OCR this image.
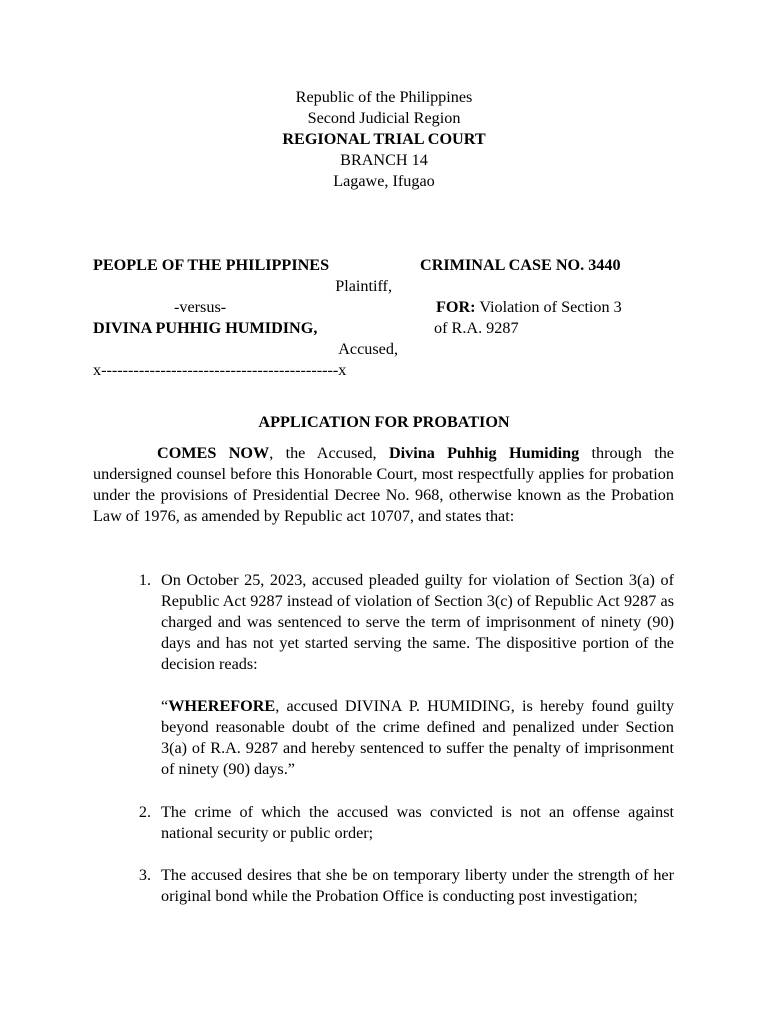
Republic of the Philippines
Second Judicial Region
REGIONAL TRIAL COURT
BRANCH 14
Lagawe, Ifugao
PEOPLE OF THE PHILIPPINES
Plaintiff,
-versus-
DIVINA PUHHIG HUMIDING,
Accused,
x--------------------------------------------x
CRIMINAL CASE NO. 3440
FOR: Violation of Section 3
of R.A. 9287
APPLICATION FOR PROBATION
COMES NOW, the Accused, Divina Puhhig Humiding through the undersigned counsel before this Honorable Court, most respectfully applies for probation under the provisions of Presidential Decree No. 968, otherwise known as the Probation Law of 1976, as amended by Republic act 10707, and states that:
1. On October 25, 2023, accused pleaded guilty for violation of Section 3(a) of Republic Act 9287 instead of violation of Section 3(c) of Republic Act 9287 as charged and was sentenced to serve the term of imprisonment of ninety (90) days and has not yet started serving the same. The dispositive portion of the decision reads:
“WHEREFORE, accused DIVINA P. HUMIDING, is hereby found guilty beyond reasonable doubt of the crime defined and penalized under Section 3(a) of R.A. 9287 and hereby sentenced to suffer the penalty of imprisonment of ninety (90) days.”
2. The crime of which the accused was convicted is not an offense against national security or public order;
3. The accused desires that she be on temporary liberty under the strength of her original bond while the Probation Office is conducting post investigation;
